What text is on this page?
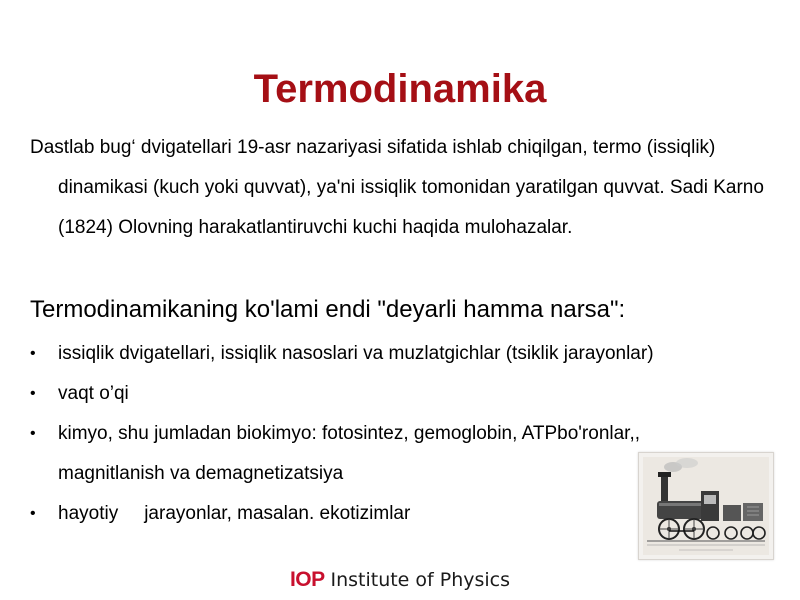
Termodinamika
Dastlab bug‘ dvigatellari 19-asr nazariyasi sifatida ishlab chiqilgan, termo (issiqlik) dinamikasi (kuch yoki quvvat), ya'ni issiqlik tomonidan yaratilgan quvvat. Sadi Karno (1824) Olovning harakatlantiruvchi kuchi haqida mulohazalar.
Termodinamikaning ko'lami endi "deyarli hamma narsa":
• issiqlik dvigatellari, issiqlik nasoslari va muzlatgichlar (tsiklik jarayonlar)
• vaqt o’qi
• kimyo, shu jumladan biokimyo: fotosintez, gemoglobin, ATPbo'ronlar,, magnitlanish va demagnetizatsiya
• hayotiy jarayonlar, masalan. ekotizimlar
IOP Institute of Physics
